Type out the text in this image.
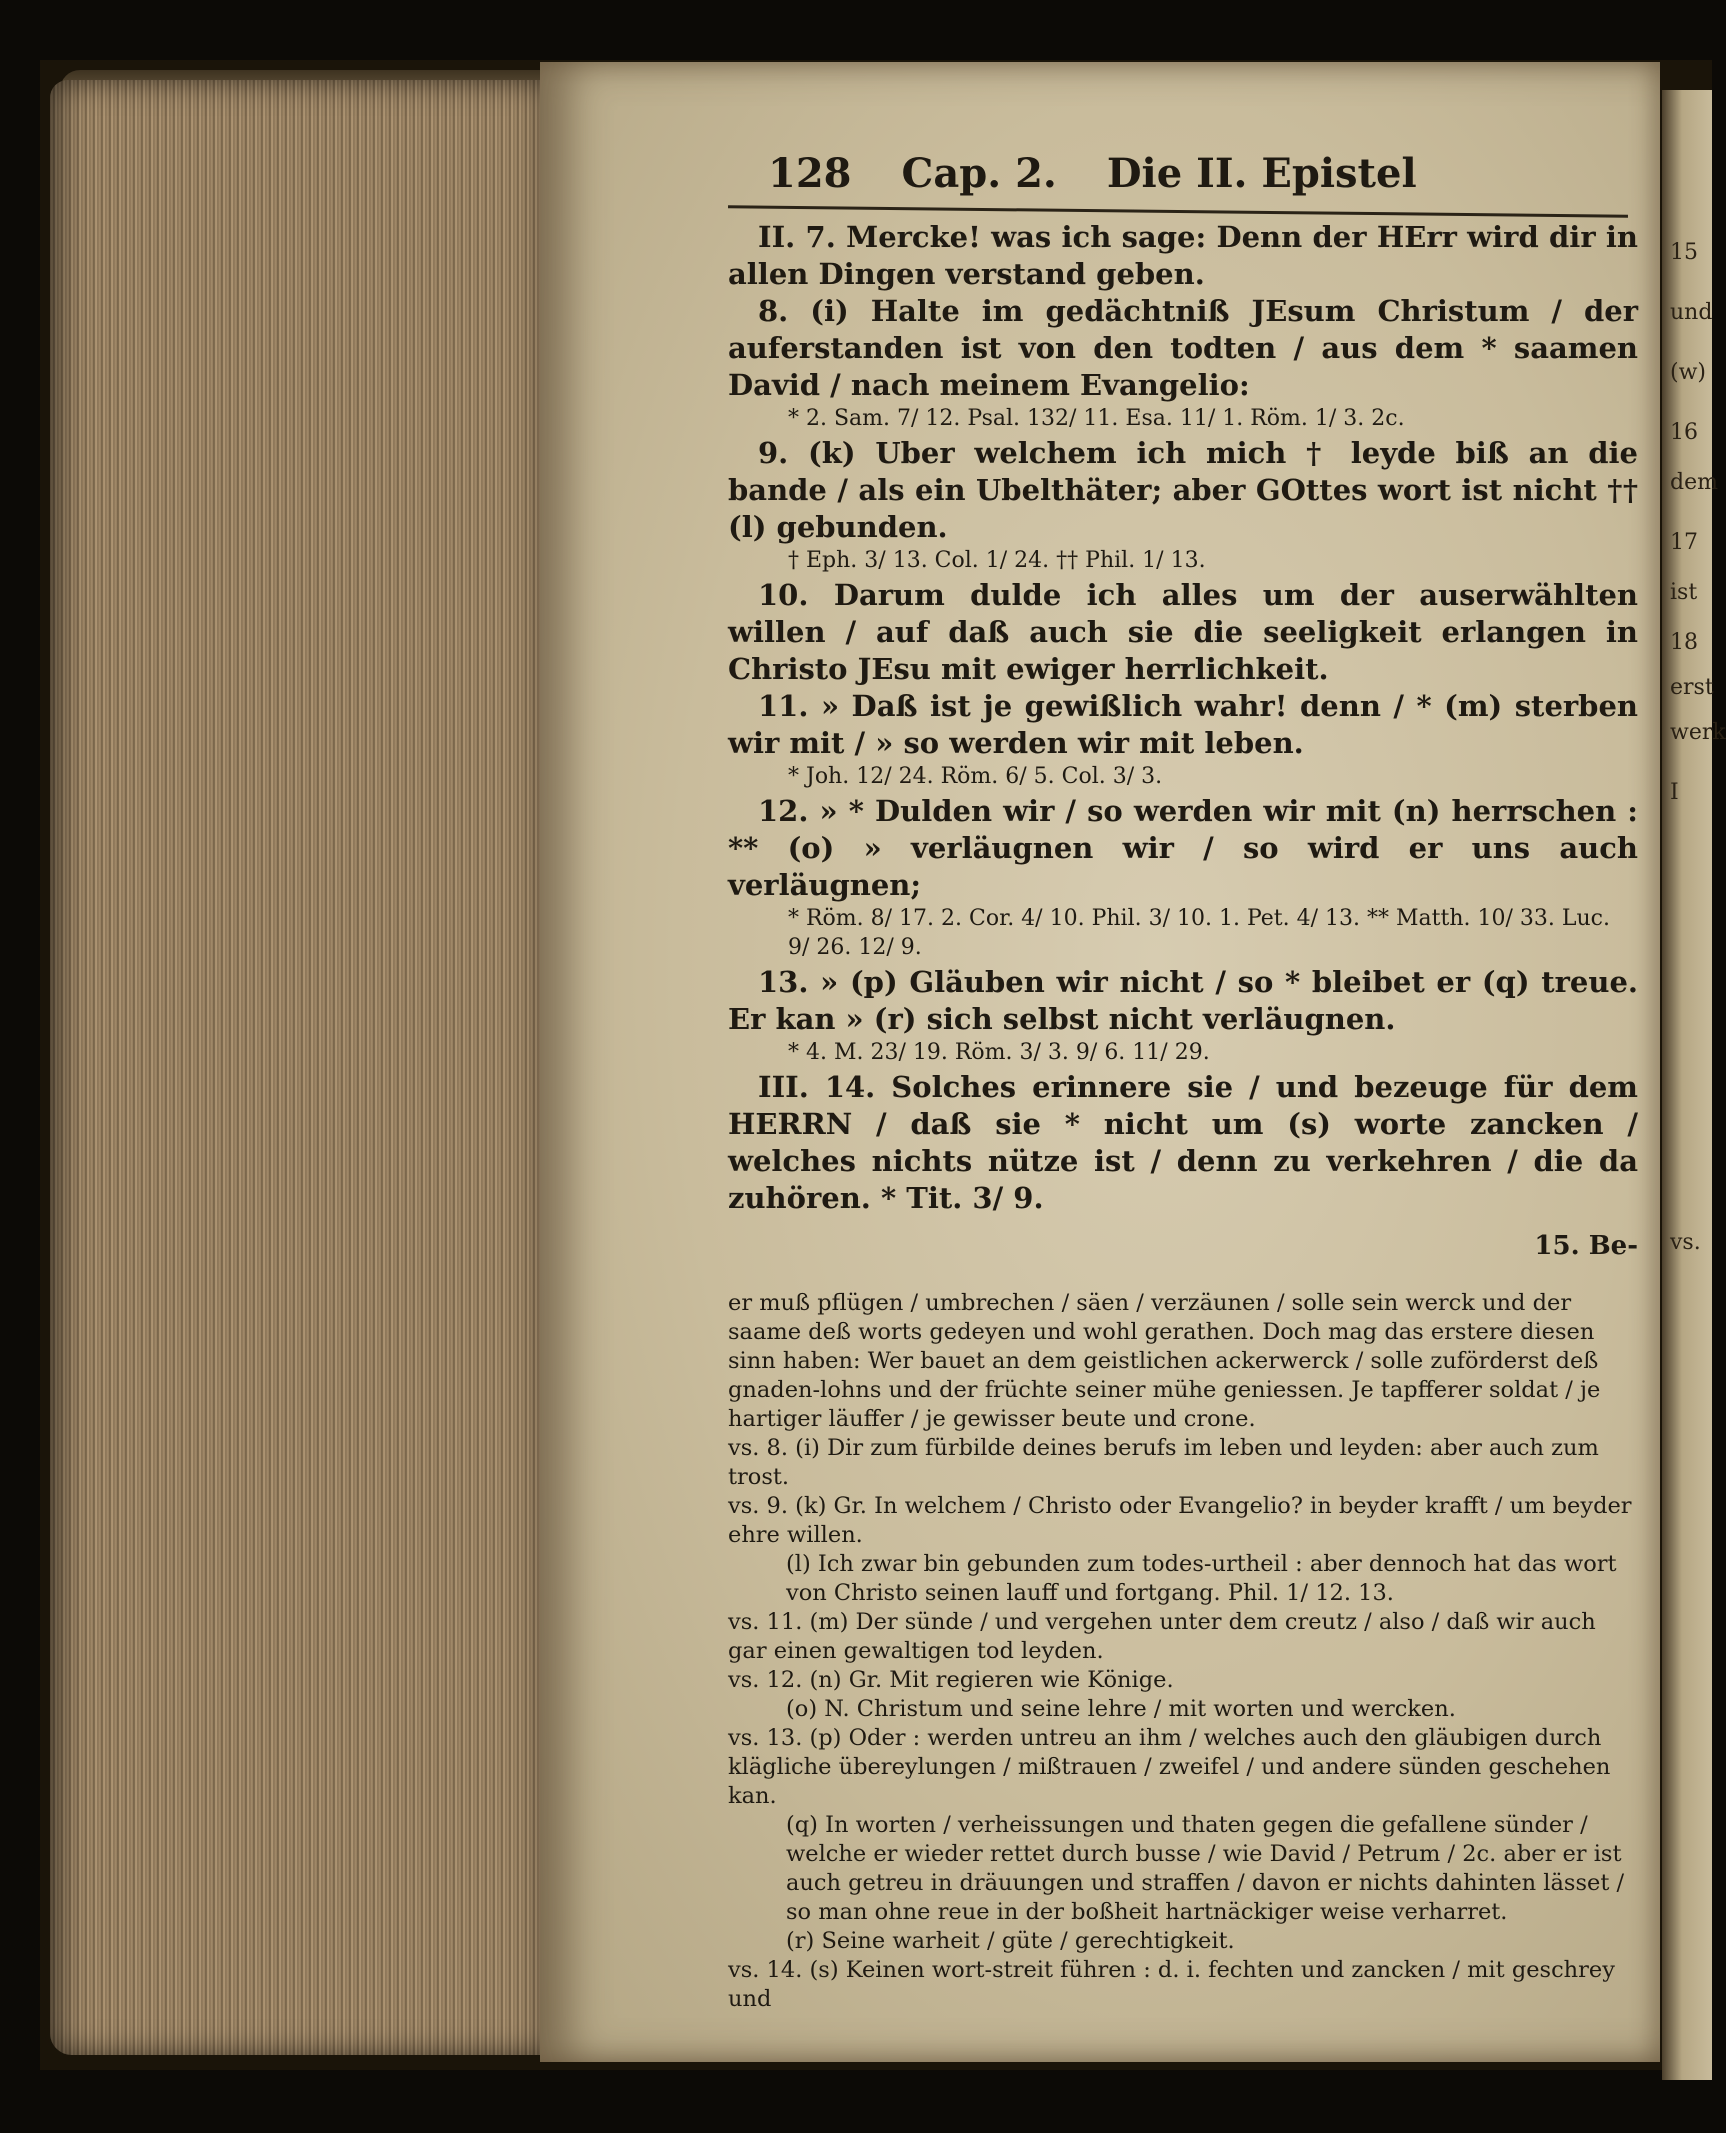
15
und
(w)
16
dem
17
ist
18
erst
werk
I
vs.
128 Cap. 2. Die II. Epistel

II. 7. Mercke! was ich sage: Denn der HErr wird dir in allen Dingen verstand geben.

8. (i) Halte im gedächtniß JEsum Christum / der auferstanden ist von den todten / aus dem * saamen David / nach meinem Evangelio:

* 2. Sam. 7/ 12. Psal. 132/ 11. Esa. 11/ 1. Röm. 1/ 3. 2c.

9. (k) Uber welchem ich mich † leyde biß an die bande / als ein Ubelthäter; aber GOttes wort ist nicht †† (l) gebunden.

† Eph. 3/ 13. Col. 1/ 24. †† Phil. 1/ 13.

10. Darum dulde ich alles um der auserwählten willen / auf daß auch sie die seeligkeit erlangen in Christo JEsu mit ewiger herrlichkeit.

11. » Daß ist je gewißlich wahr! denn / * (m) sterben wir mit / » so werden wir mit leben.

* Joh. 12/ 24. Röm. 6/ 5. Col. 3/ 3.

12. » * Dulden wir / so werden wir mit (n) herrschen : ** (o) » verläugnen wir / so wird er uns auch verläugnen;

* Röm. 8/ 17. 2. Cor. 4/ 10. Phil. 3/ 10. 1. Pet. 4/ 13. ** Matth. 10/ 33. Luc. 9/ 26. 12/ 9.

13. » (p) Gläuben wir nicht / so * bleibet er (q) treue. Er kan » (r) sich selbst nicht verläugnen.

* 4. M. 23/ 19. Röm. 3/ 3. 9/ 6. 11/ 29.

III. 14. Solches erinnere sie / und bezeuge für dem HERRN / daß sie * nicht um (s) worte zancken / welches nichts nütze ist / denn zu verkehren / die da zuhören. * Tit. 3/ 9.

15. Be-

er muß pflügen / umbrechen / säen / verzäunen / solle sein werck und der saame deß worts gedeyen und wohl gerathen. Doch mag das erstere diesen sinn haben: Wer bauet an dem geistlichen ackerwerck / solle zuförderst deß gnaden-lohns und der früchte seiner mühe geniessen. Je tapfferer soldat / je hartiger läuffer / je gewisser beute und crone.

vs. 8. (i) Dir zum fürbilde deines berufs im leben und leyden: aber auch zum trost.

vs. 9. (k) Gr. In welchem / Christo oder Evangelio? in beyder krafft / um beyder ehre willen.

(l) Ich zwar bin gebunden zum todes-urtheil : aber dennoch hat das wort von Christo seinen lauff und fortgang. Phil. 1/ 12. 13.

vs. 11. (m) Der sünde / und vergehen unter dem creutz / also / daß wir auch gar einen gewaltigen tod leyden.

vs. 12. (n) Gr. Mit regieren wie Könige.

(o) N. Christum und seine lehre / mit worten und wercken.

vs. 13. (p) Oder : werden untreu an ihm / welches auch den gläubigen durch klägliche übereylungen / mißtrauen / zweifel / und andere sünden geschehen kan.

(q) In worten / verheissungen und thaten gegen die gefallene sünder / welche er wieder rettet durch busse / wie David / Petrum / 2c. aber er ist auch getreu in dräuungen und straffen / davon er nichts dahinten lässet / so man ohne reue in der boßheit hartnäckiger weise verharret.

(r) Seine warheit / güte / gerechtigkeit.

vs. 14. (s) Keinen wort-streit führen : d. i. fechten und zancken / mit geschrey und
